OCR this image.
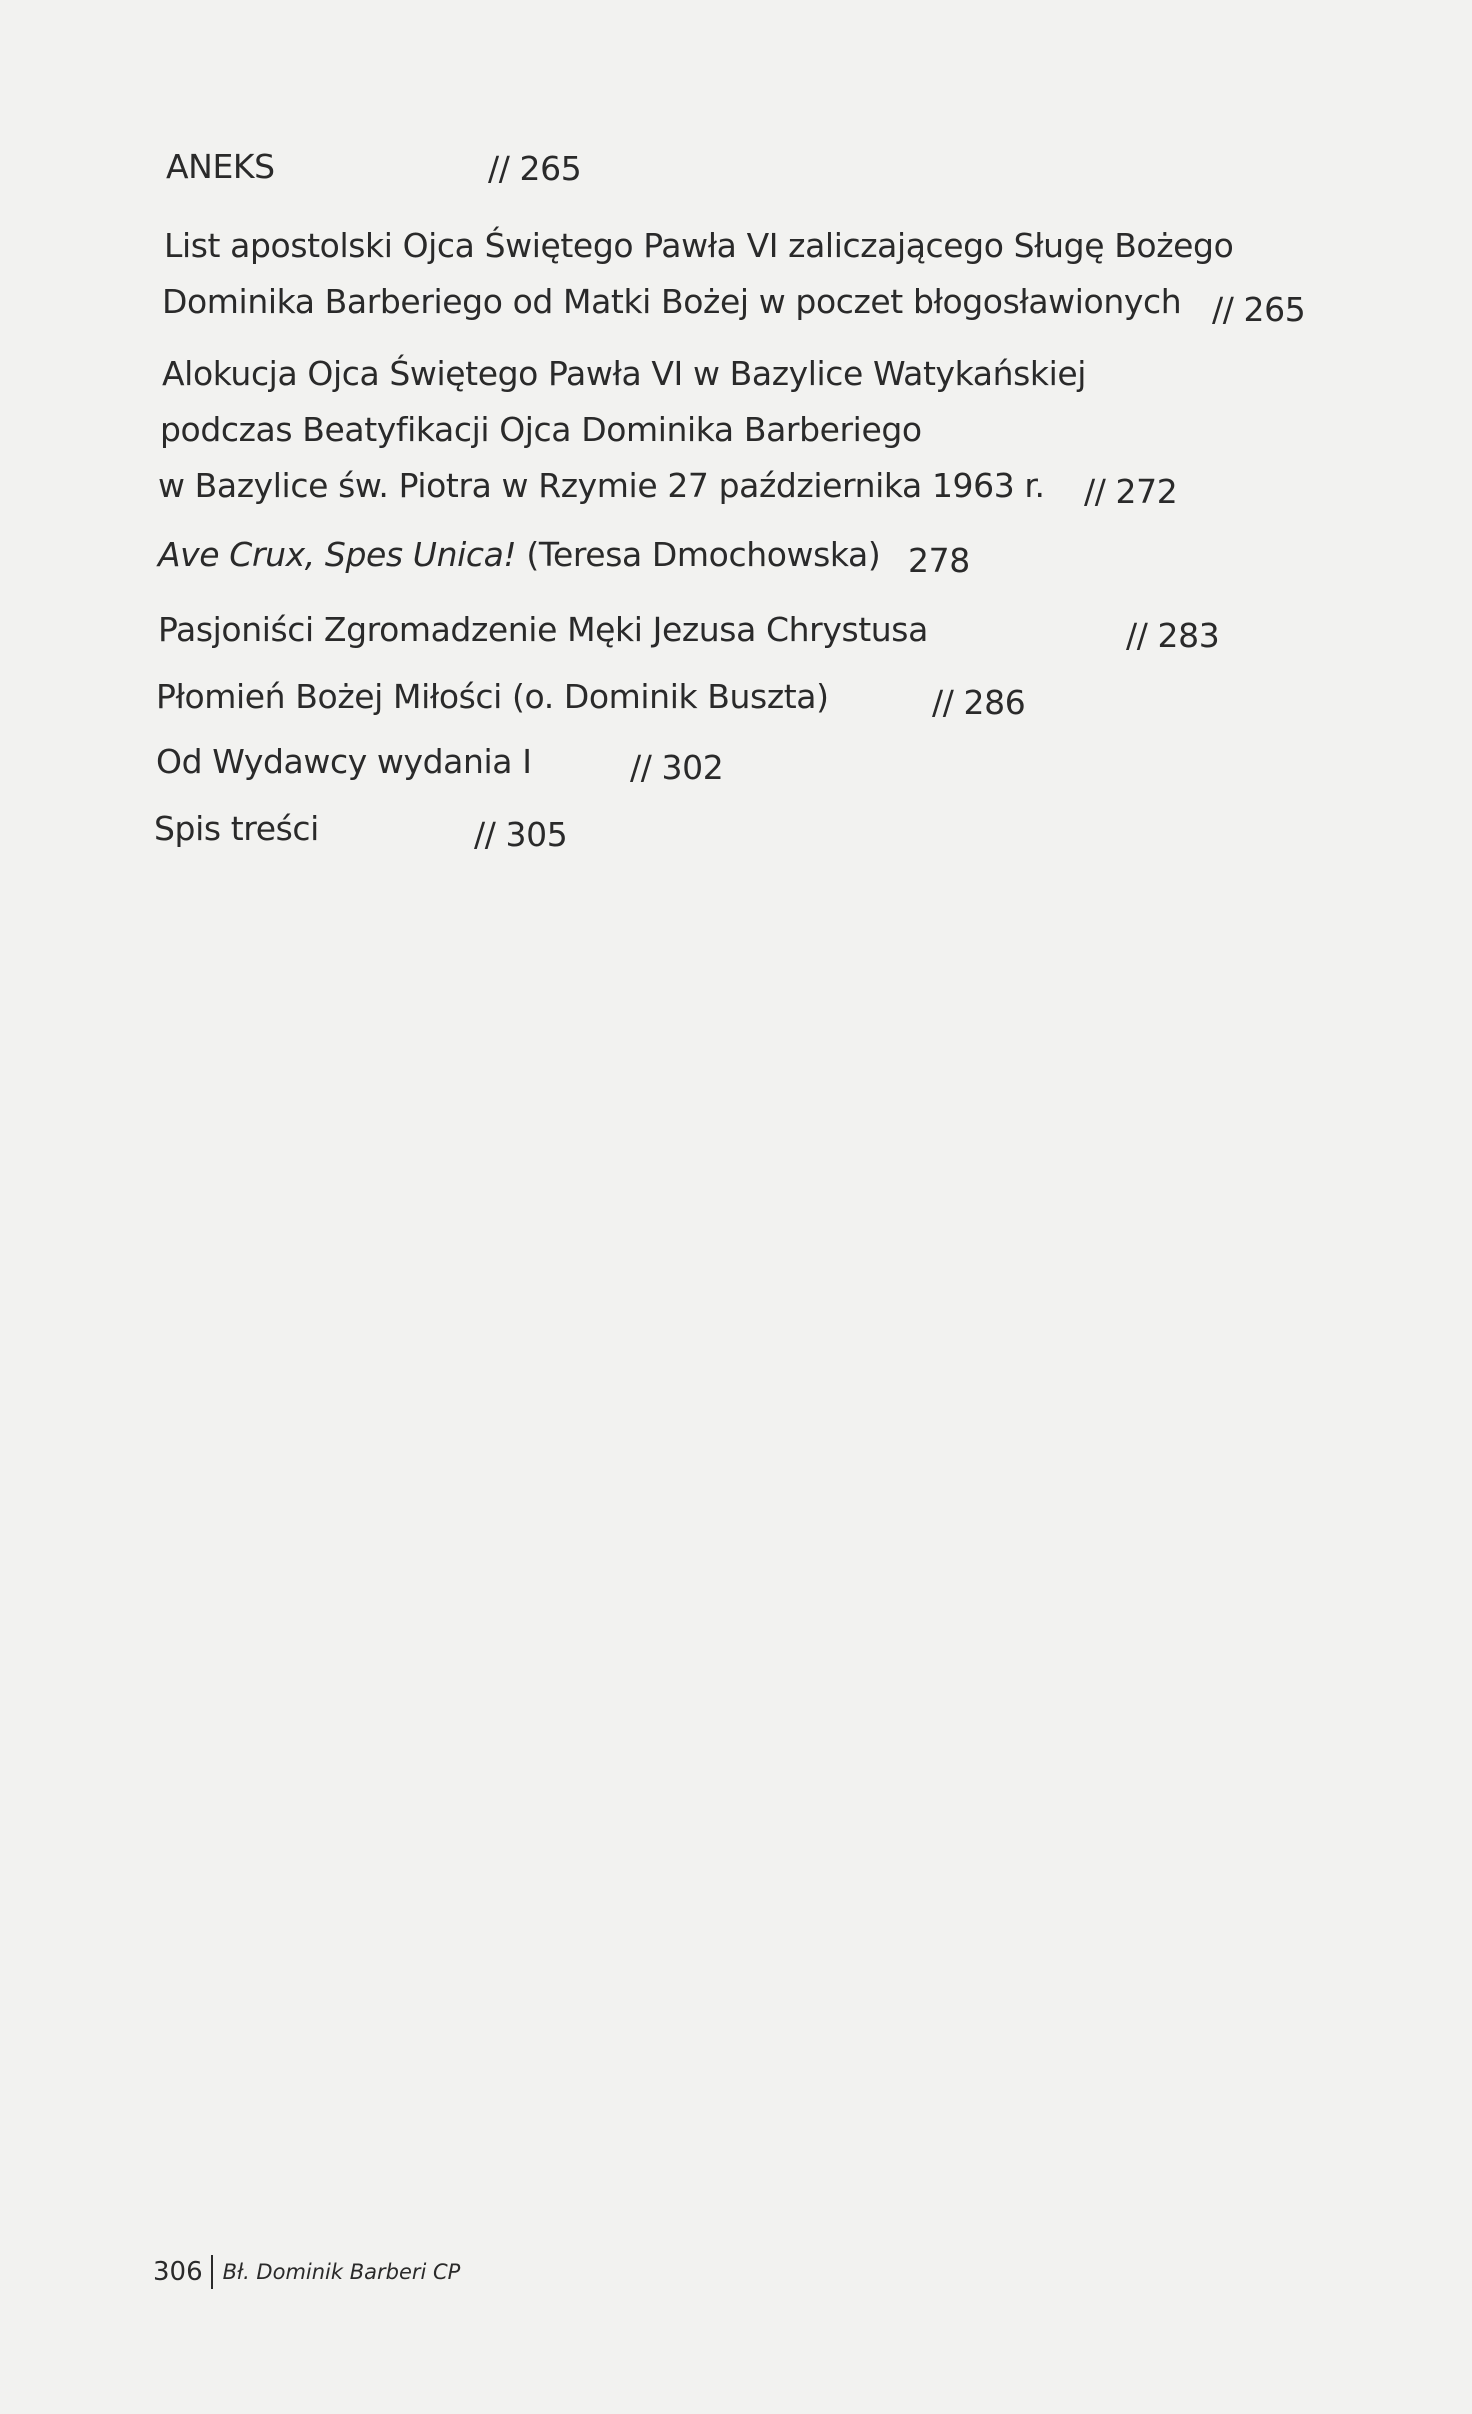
ANEKS	// 265
List apostolski Ojca Świętego Pawła VI zaliczającego Sługę Bożego
Dominika Barberiego od Matki Bożej w poczet błogosławionych // 265
Alokucja Ojca Świętego Pawła VI w Bazylice Watykańskiej
podczas Beatyfikacji Ojca Dominika Barberiego
w Bazylice św. Piotra w Rzymie 27 października 1963 r. // 272
Ave Crux, Spes Unica! (Teresa Dmochowska) 278
Pasjoniści Zgromadzenie Męki Jezusa Chrystusa	// 283
Płomień Bożej Miłości (o. Dominik Buszta)	// 286
Od Wydawcy wydania I	// 302
Spis treści	// 305
306 Bł. Dominik Barberi CP
